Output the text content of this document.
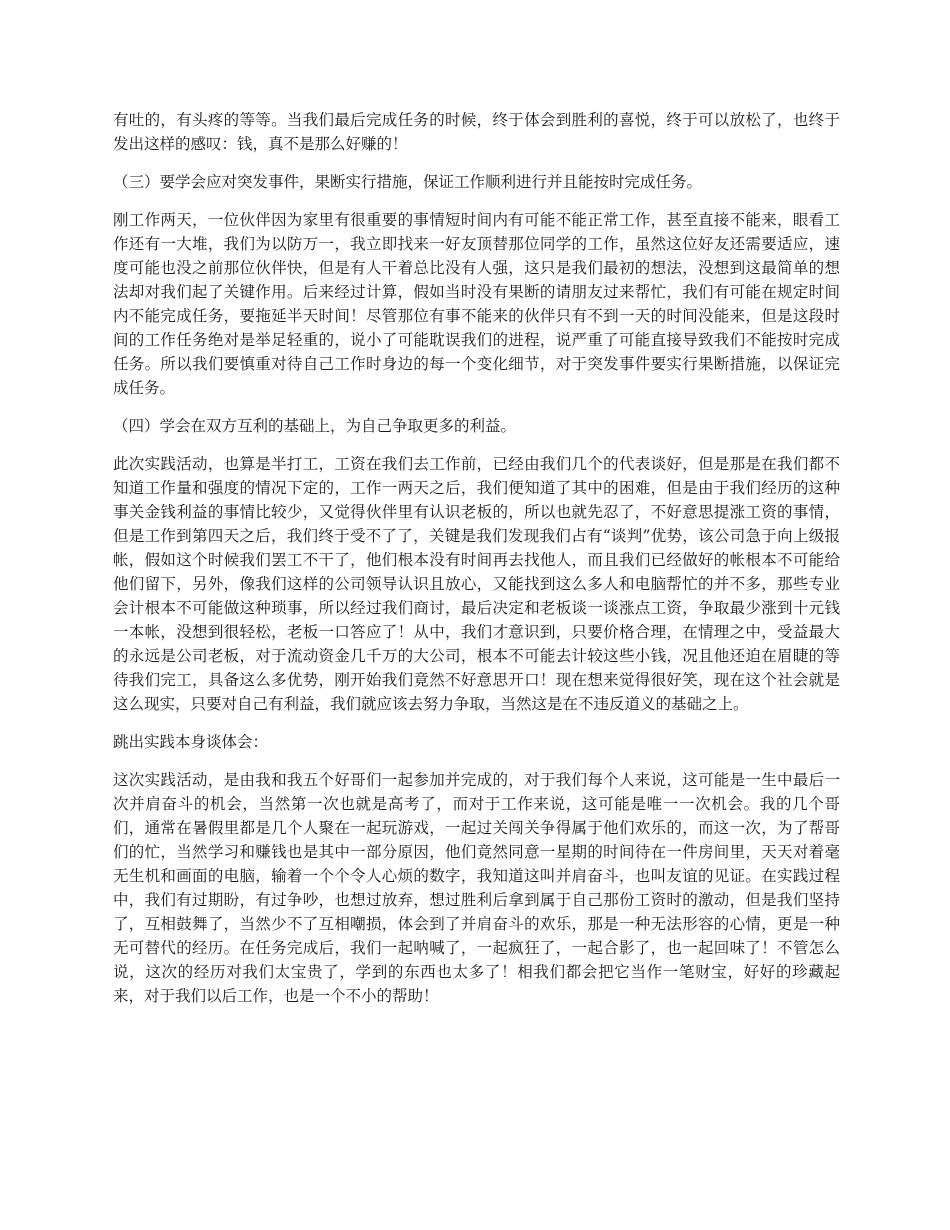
有吐的，有头疼的等等。当我们最后完成任务的时候，终于体会到胜利的喜悦，终于可以放松了，也终于发出这样的感叹：钱，真不是那么好赚的！

（三）要学会应对突发事件，果断实行措施，保证工作顺利进行并且能按时完成任务。

刚工作两天，一位伙伴因为家里有很重要的事情短时间内有可能不能正常工作，甚至直接不能来，眼看工作还有一大堆，我们为以防万一，我立即找来一好友顶替那位同学的工作，虽然这位好友还需要适应，速度可能也没之前那位伙伴快，但是有人干着总比没有人强，这只是我们最初的想法，没想到这最简单的想法却对我们起了关键作用。后来经过计算，假如当时没有果断的请朋友过来帮忙，我们有可能在规定时间内不能完成任务，要拖延半天时间！尽管那位有事不能来的伙伴只有不到一天的时间没能来，但是这段时间的工作任务绝对是举足轻重的，说小了可能耽误我们的进程，说严重了可能直接导致我们不能按时完成任务。所以我们要慎重对待自己工作时身边的每一个变化细节，对于突发事件要实行果断措施，以保证完成任务。

（四）学会在双方互利的基础上，为自己争取更多的利益。

此次实践活动，也算是半打工，工资在我们去工作前，已经由我们几个的代表谈好，但是那是在我们都不知道工作量和强度的情况下定的，工作一两天之后，我们便知道了其中的困难，但是由于我们经历的这种事关金钱利益的事情比较少，又觉得伙伴里有认识老板的，所以也就先忍了，不好意思提涨工资的事情，但是工作到第四天之后，我们终于受不了了，关键是我们发现我们占有“谈判”优势，该公司急于向上级报帐，假如这个时候我们罢工不干了，他们根本没有时间再去找他人，而且我们已经做好的帐根本不可能给他们留下，另外，像我们这样的公司领导认识且放心，又能找到这么多人和电脑帮忙的并不多，那些专业会计根本不可能做这种琐事，所以经过我们商讨，最后决定和老板谈一谈涨点工资，争取最少涨到十元钱一本帐，没想到很轻松，老板一口答应了！从中，我们才意识到，只要价格合理，在情理之中，受益最大的永远是公司老板，对于流动资金几千万的大公司，根本不可能去计较这些小钱，况且他还迫在眉睫的等待我们完工，具备这么多优势，刚开始我们竟然不好意思开口！现在想来觉得很好笑，现在这个社会就是这么现实，只要对自己有利益，我们就应该去努力争取，当然这是在不违反道义的基础之上。

跳出实践本身谈体会：

这次实践活动，是由我和我五个好哥们一起参加并完成的，对于我们每个人来说，这可能是一生中最后一次并肩奋斗的机会，当然第一次也就是高考了，而对于工作来说，这可能是唯一一次机会。我的几个哥们，通常在暑假里都是几个人聚在一起玩游戏，一起过关闯关争得属于他们欢乐的，而这一次，为了帮哥们的忙，当然学习和赚钱也是其中一部分原因，他们竟然同意一星期的时间待在一件房间里，天天对着毫无生机和画面的电脑，输着一个个令人心烦的数字，我知道这叫并肩奋斗，也叫友谊的见证。在实践过程中，我们有过期盼，有过争吵，也想过放弃，想过胜利后拿到属于自己那份工资时的激动，但是我们坚持了，互相鼓舞了，当然少不了互相嘲损，体会到了并肩奋斗的欢乐，那是一种无法形容的心情，更是一种无可替代的经历。在任务完成后，我们一起呐喊了，一起疯狂了，一起合影了，也一起回味了！不管怎么说，这次的经历对我们太宝贵了，学到的东西也太多了！相我们都会把它当作一笔财宝，好好的珍藏起来，对于我们以后工作，也是一个不小的帮助！
